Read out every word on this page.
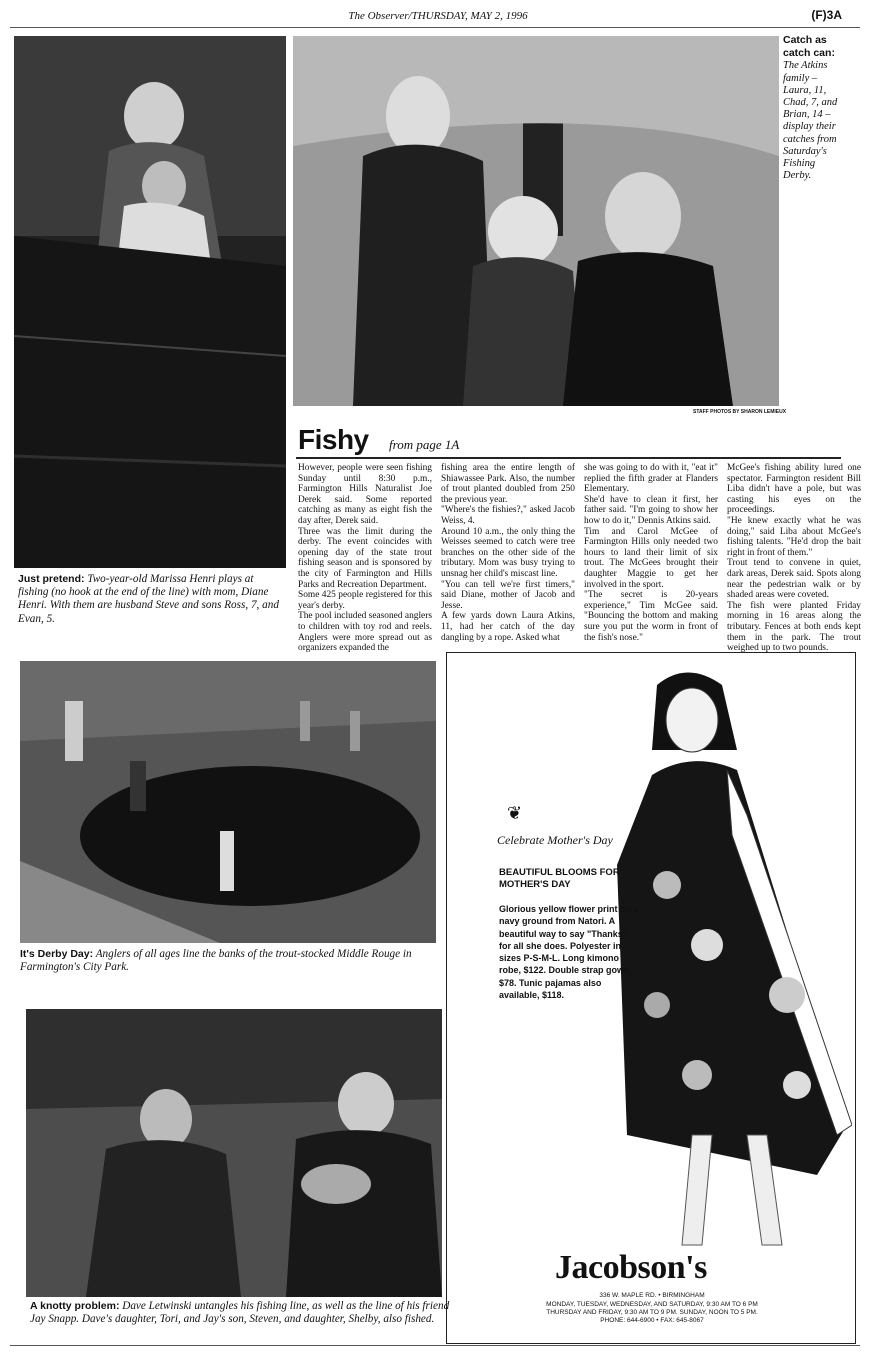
The Observer/THURSDAY, MAY 2, 1996	(F)3A
Just pretend: Two-year-old Marissa Henri plays at fishing (no hook at the end of the line) with mom, Diane Henri. With them are husband Steve and sons Ross, 7, and Evan, 5.
STAFF PHOTOS BY SHARON LEMIEUX
Catch as catch can: The Atkins family – Laura, 11, Chad, 7, and Brian, 14 – display their catches from Saturday's Fishing Derby.
Fishy from page 1A
However, people were seen fishing Sunday until 8:30 p.m., Farmington Hills Naturalist Joe Derek said. Some reported catching as many as eight fish the day after, Derek said.
Three was the limit during the derby. The event coincides with opening day of the state trout fishing season and is sponsored by the city of Farmington and Hills Parks and Recreation Department.
Some 425 people registered for this year's derby.
The pool included seasoned anglers to children with toy rod and reels. Anglers were more spread out as organizers expanded the
fishing area the entire length of Shiawassee Park. Also, the number of trout planted doubled from 250 the previous year.
"Where's the fishies?," asked Jacob Weiss, 4.
Around 10 a.m., the only thing the Weisses seemed to catch were tree branches on the other side of the tributary. Mom was busy trying to unsnag her child's miscast line.
"You can tell we're first timers," said Diane, mother of Jacob and Jesse.
A few yards down Laura Atkins, 11, had her catch of the day dangling by a rope. Asked what
she was going to do with it, "eat it" replied the fifth grader at Flanders Elementary.
She'd have to clean it first, her father said. "I'm going to show her how to do it," Dennis Atkins said.
Tim and Carol McGee of Farmington Hills only needed two hours to land their limit of six trout. The McGees brought their daughter Maggie to get her involved in the sport.
"The secret is 20-years experience," Tim McGee said. "Bouncing the bottom and making sure you put the worm in front of the fish's nose."
McGee's fishing ability lured one spectator. Farmington resident Bill Liba didn't have a pole, but was casting his eyes on the proceedings.
"He knew exactly what he was doing," said Liba about McGee's fishing talents. "He'd drop the bait right in front of them."
Trout tend to convene in quiet, dark areas, Derek said. Spots along near the pedestrian walk or by shaded areas were coveted.
The fish were planted Friday morning in 16 areas along the tributary. Fences at both ends kept them in the park. The trout weighed up to two pounds.
It's Derby Day: Anglers of all ages line the banks of the trout-stocked Middle Rouge in Farmington's City Park.
A knotty problem: Dave Letwinski untangles his fishing line, as well as the line of his friend Jay Snapp. Dave's daughter, Tori, and Jay's son, Steven, and daughter, Shelby, also fished.
❦
Celebrate Mother's Day
BEAUTIFUL BLOOMS FOR MOTHER'S DAY
Glorious yellow flower print on a navy ground from Natori. A beautiful way to say "Thanks" for all she does. Polyester in sizes P-S-M-L. Long kimono robe, $122. Double strap gown, $78. Tunic pajamas also available, $118.
Jacobson's
336 W. MAPLE RD. • BIRMINGHAM
MONDAY, TUESDAY, WEDNESDAY, AND SATURDAY, 9:30 AM TO 6 PM
THURSDAY AND FRIDAY, 9:30 AM TO 9 PM. SUNDAY, NOON TO 5 PM.
PHONE: 644-6900 • FAX: 645-8067
